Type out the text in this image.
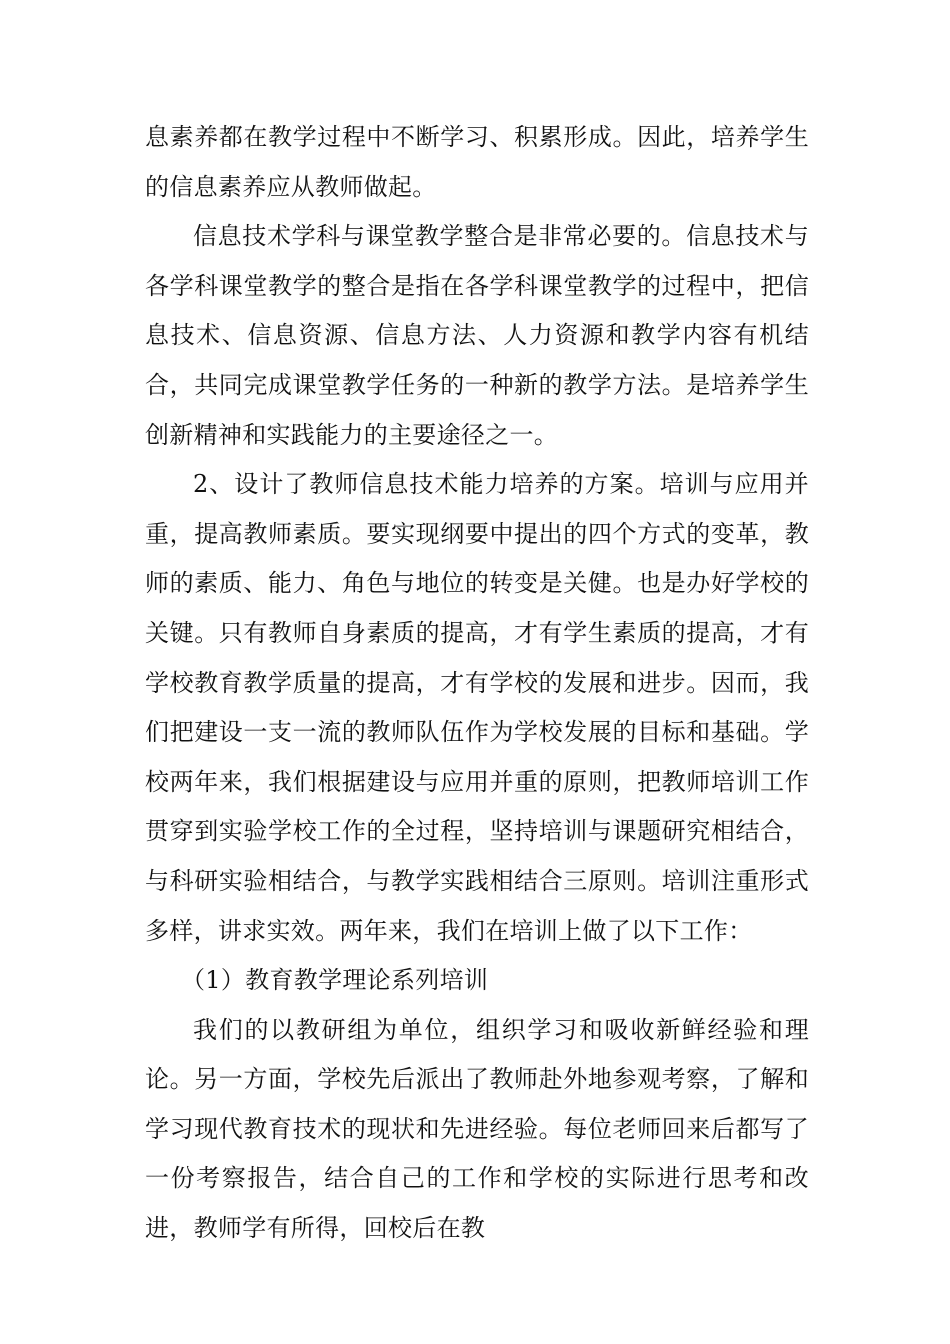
息素养都在教学过程中不断学习、积累形成。因此，培养学生的信息素养应从教师做起。

信息技术学科与课堂教学整合是非常必要的。信息技术与各学科课堂教学的整合是指在各学科课堂教学的过程中，把信息技术、信息资源、信息方法、人力资源和教学内容有机结合，共同完成课堂教学任务的一种新的教学方法。是培养学生创新精神和实践能力的主要途径之一。

2、设计了教师信息技术能力培养的方案。培训与应用并重，提高教师素质。要实现纲要中提出的四个方式的变革，教师的素质、能力、角色与地位的转变是关健。也是办好学校的关键。只有教师自身素质的提高，才有学生素质的提高，才有学校教育教学质量的提高，才有学校的发展和进步。因而，我们把建设一支一流的教师队伍作为学校发展的目标和基础。学校两年来，我们根据建设与应用并重的原则，把教师培训工作贯穿到实验学校工作的全过程，坚持培训与课题研究相结合，与科研实验相结合，与教学实践相结合三原则。培训注重形式多样，讲求实效。两年来，我们在培训上做了以下工作：

（1）教育教学理论系列培训

我们的以教研组为单位，组织学习和吸收新鲜经验和理论。另一方面，学校先后派出了教师赴外地参观考察，了解和学习现代教育技术的现状和先进经验。每位老师回来后都写了一份考察报告，结合自己的工作和学校的实际进行思考和改进，教师学有所得，回校后在教
